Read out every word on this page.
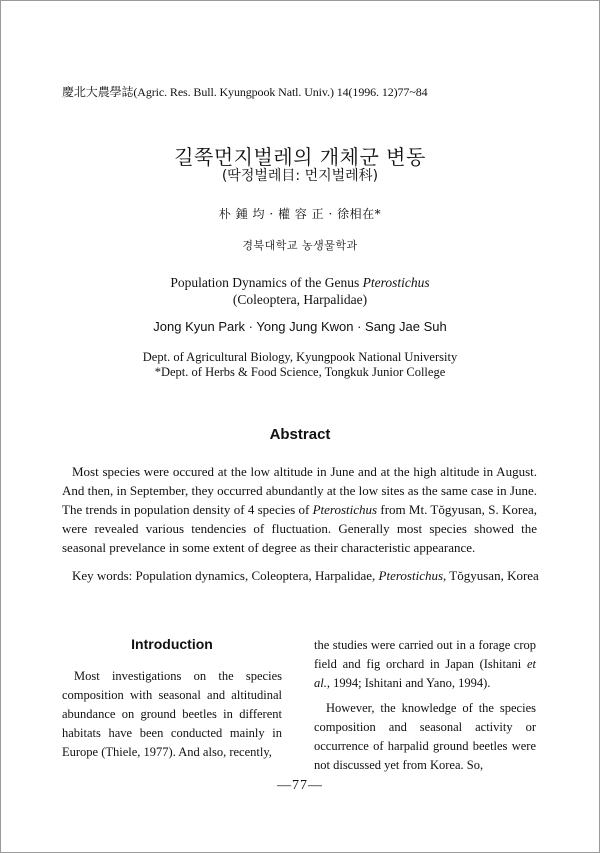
慶北大農學誌(Agric. Res. Bull. Kyungpook Natl. Univ.) 14(1996. 12)77~84
길쭉먼지벌레의 개체군 변동
(딱정벌레目: 먼지벌레科)
朴 鍾 均 · 權 容 正 · 徐相在*
경북대학교 농생물학과
Population Dynamics of the Genus Pterostichus
(Coleoptera, Harpalidae)
Jong Kyun Park · Yong Jung Kwon · Sang Jae Suh
Dept. of Agricultural Biology, Kyungpook National University
*Dept. of Herbs & Food Science, Tongkuk Junior College
Abstract
Most species were occured at the low altitude in June and at the high altitude in August. And then, in September, they occurred abundantly at the low sites as the same case in June. The trends in population density of 4 species of Pterostichus from Mt. Tŏgyusan, S. Korea, were revealed various tendencies of fluctuation. Generally most species showed the seasonal prevelance in some extent of degree as their characteristic appearance.
Key words: Population dynamics, Coleoptera, Harpalidae, Pterostichus, Tŏgyusan, Korea
Introduction

Most investigations on the species composition with seasonal and altitudinal abundance on ground beetles in different habitats have been conducted mainly in Europe (Thiele, 1977). And also, recently,

the studies were carried out in a forage crop field and fig orchard in Japan (Ishitani et al., 1994; Ishitani and Yano, 1994).

However, the knowledge of the species composition and seasonal activity or occurrence of harpalid ground beetles were not discussed yet from Korea. So,

—77—
